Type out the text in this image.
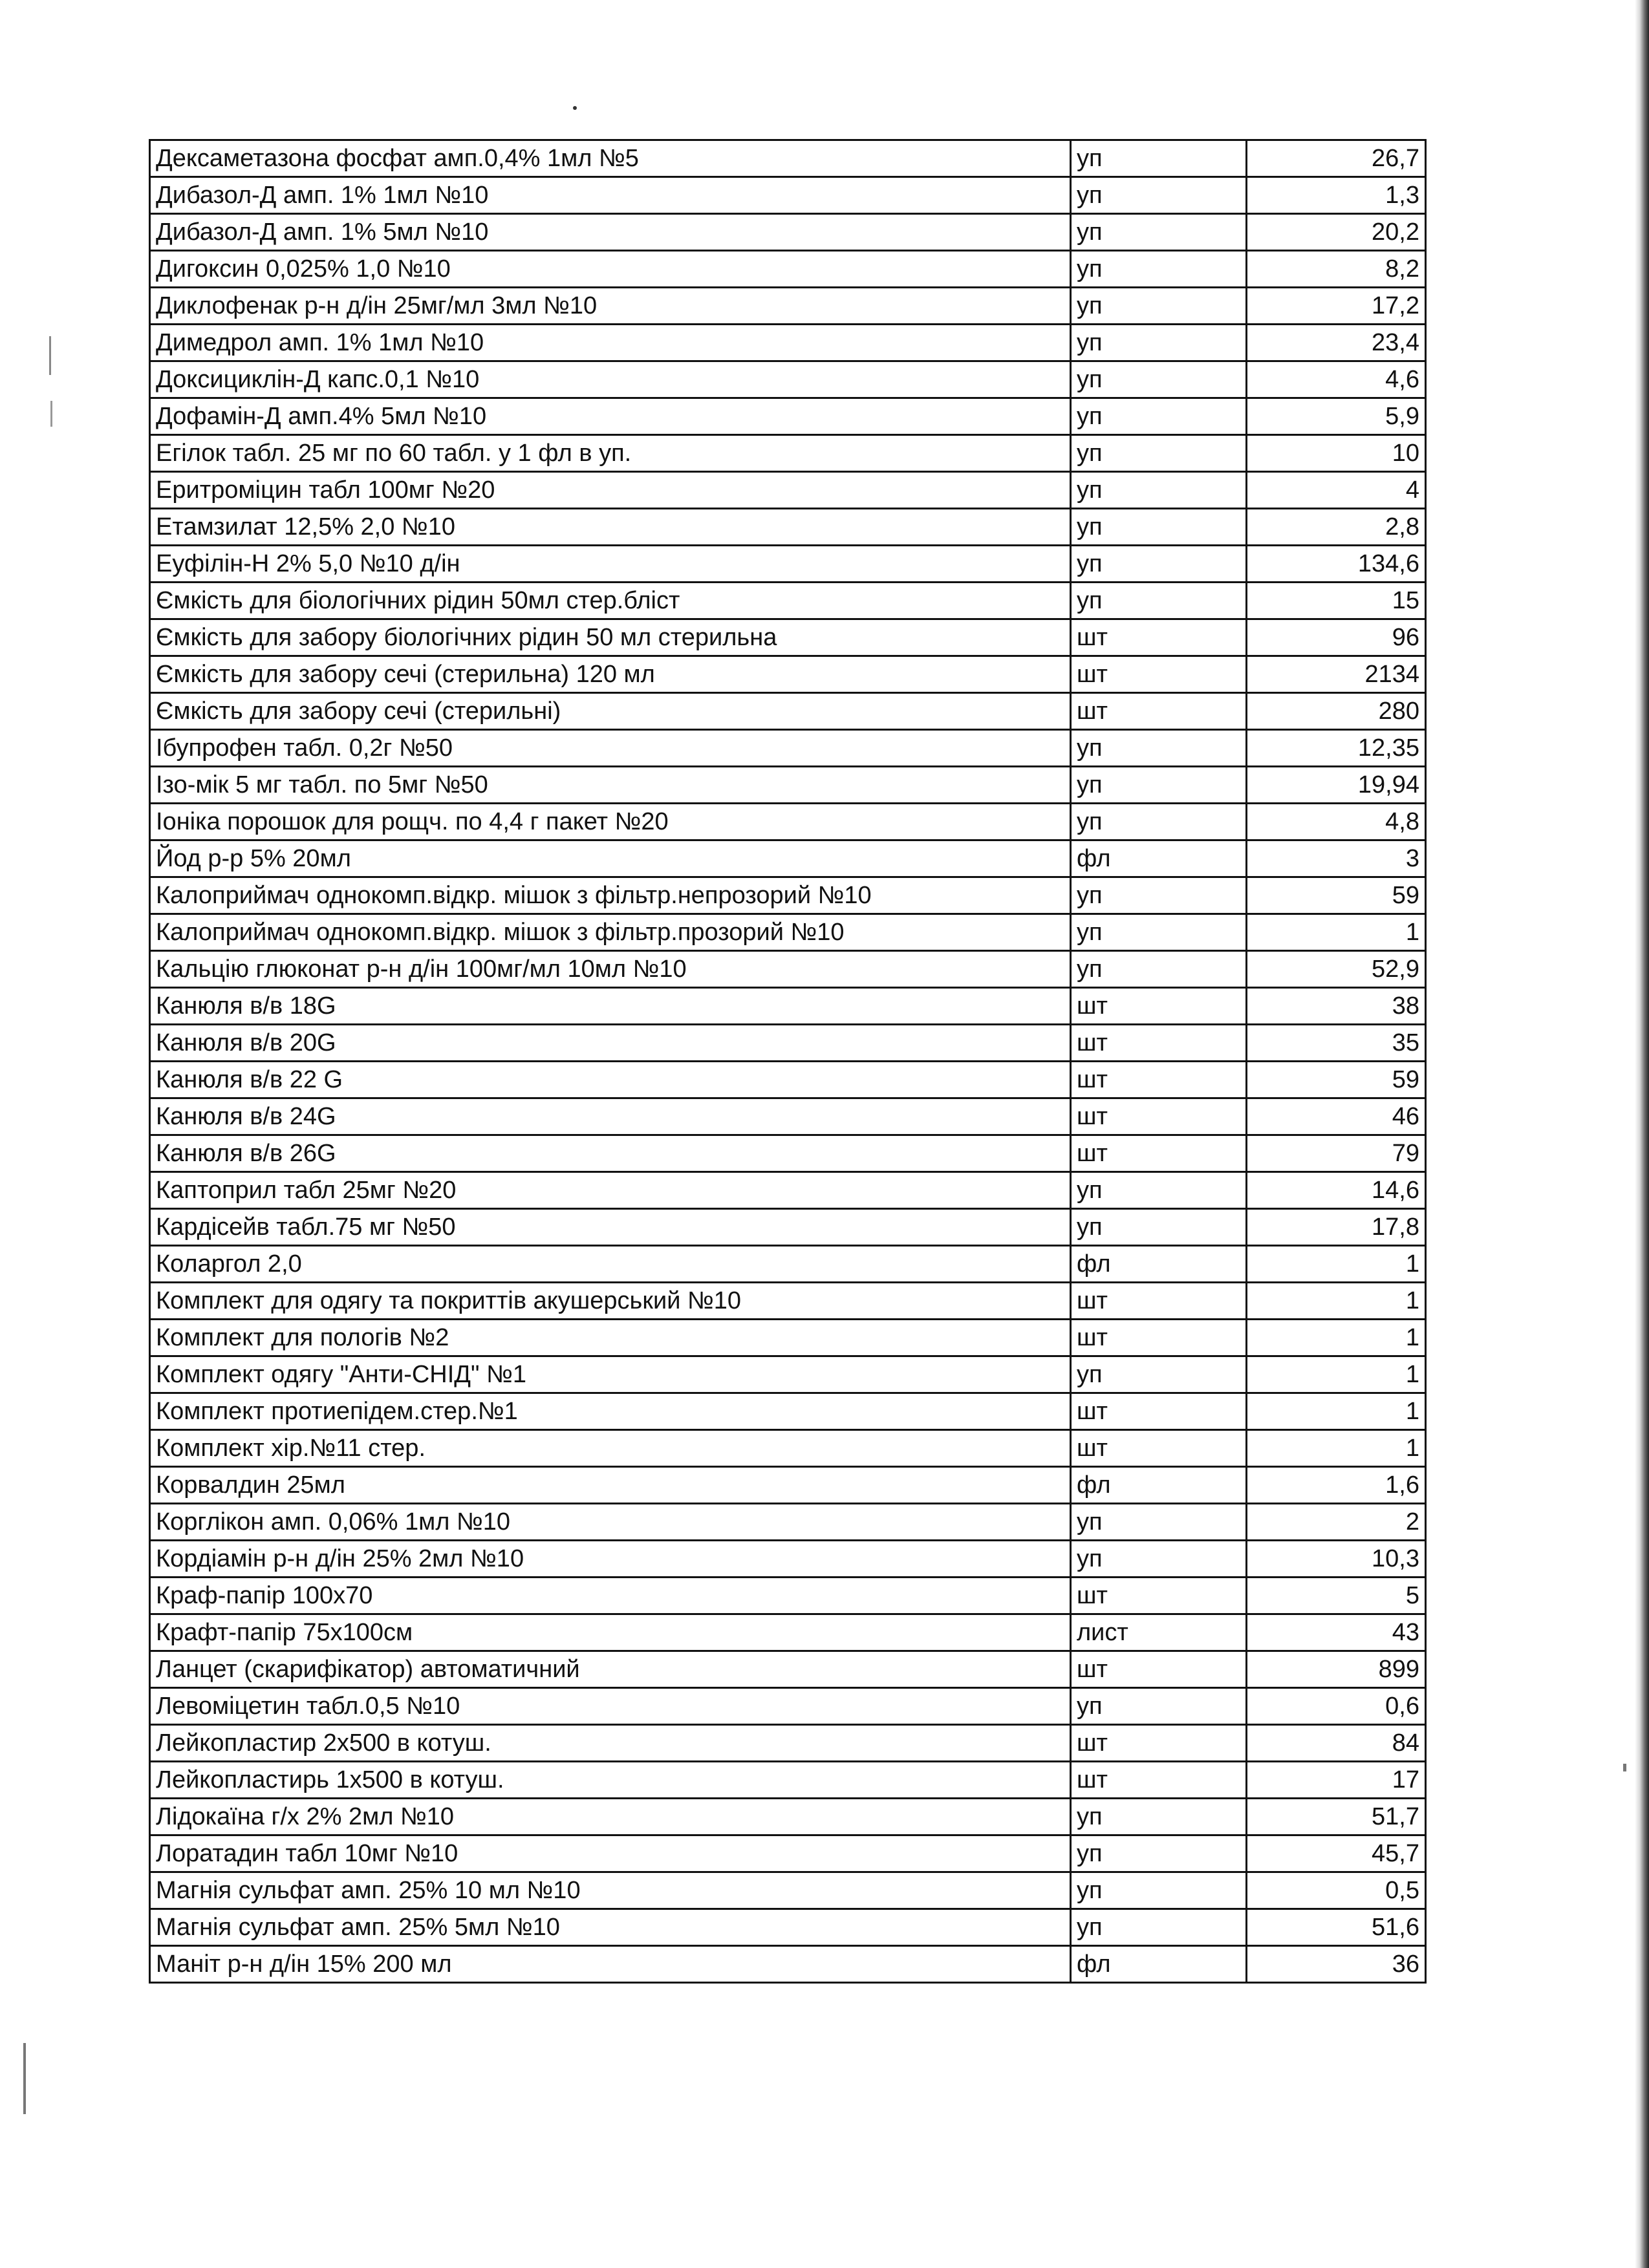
Дексаметазона фосфат амп.0,4% 1мл №5	уп	26,7
Дибазол-Д амп. 1% 1мл №10	уп	1,3
Дибазол-Д амп. 1% 5мл №10	уп	20,2
Дигоксин 0,025% 1,0 №10	уп	8,2
Диклофенак р-н д/ін 25мг/мл 3мл №10	уп	17,2
Димедрол амп. 1% 1мл №10	уп	23,4
Доксициклін-Д капс.0,1 №10	уп	4,6
Дофамін-Д амп.4% 5мл №10	уп	5,9
Егілок табл. 25 мг по 60 табл. у 1 фл в уп.	уп	10
Еритроміцин табл 100мг №20	уп	4
Етамзилат 12,5% 2,0 №10	уп	2,8
Еуфілін-Н 2% 5,0 №10 д/ін	уп	134,6
Ємкість для біологічних рідин 50мл стер.бліст	уп	15
Ємкість для забору біологічних рідин 50 мл стерильна	шт	96
Ємкість для забору сечі (стерильна) 120 мл	шт	2134
Ємкість для забору сечі (стерильні)	шт	280
Ібупрофен табл. 0,2г №50	уп	12,35
Ізо-мік 5 мг табл. по 5мг №50	уп	19,94
Іоніка порошок для рощч. по 4,4 г пакет №20	уп	4,8
Йод р-р 5% 20мл	фл	3
Калоприймач однокомп.відкр. мішок з фільтр.непрозорий №10	уп	59
Калоприймач однокомп.відкр. мішок з фільтр.прозорий №10	уп	1
Кальцію глюконат р-н д/ін 100мг/мл 10мл №10	уп	52,9
Канюля в/в 18G	шт	38
Канюля в/в 20G	шт	35
Канюля в/в 22 G	шт	59
Канюля в/в 24G	шт	46
Канюля в/в 26G	шт	79
Каптоприл табл 25мг №20	уп	14,6
Кардісейв табл.75 мг №50	уп	17,8
Коларгол 2,0	фл	1
Комплект для одягу та покриттів акушерський №10	шт	1
Комплект для пологів №2	шт	1
Комплект одягу "Анти-СНІД" №1	уп	1
Комплект протиепідем.стер.№1	шт	1
Комплект хір.№11 стер.	шт	1
Корвалдин 25мл	фл	1,6
Корглікон амп. 0,06% 1мл №10	уп	2
Кордіамін р-н д/ін 25% 2мл №10	уп	10,3
Краф-папір 100х70	шт	5
Крафт-папір 75х100см	лист	43
Ланцет (скарифікатор) автоматичний	шт	899
Левоміцетин табл.0,5 №10	уп	0,6
Лейкопластир 2х500 в котуш.	шт	84
Лейкопластирь 1х500 в котуш.	шт	17
Лідокаїна г/х 2% 2мл №10	уп	51,7
Лоратадин табл 10мг №10	уп	45,7
Магнія сульфат амп. 25% 10 мл №10	уп	0,5
Магнія сульфат амп. 25% 5мл №10	уп	51,6
Маніт р-н д/ін 15% 200 мл	фл	36
